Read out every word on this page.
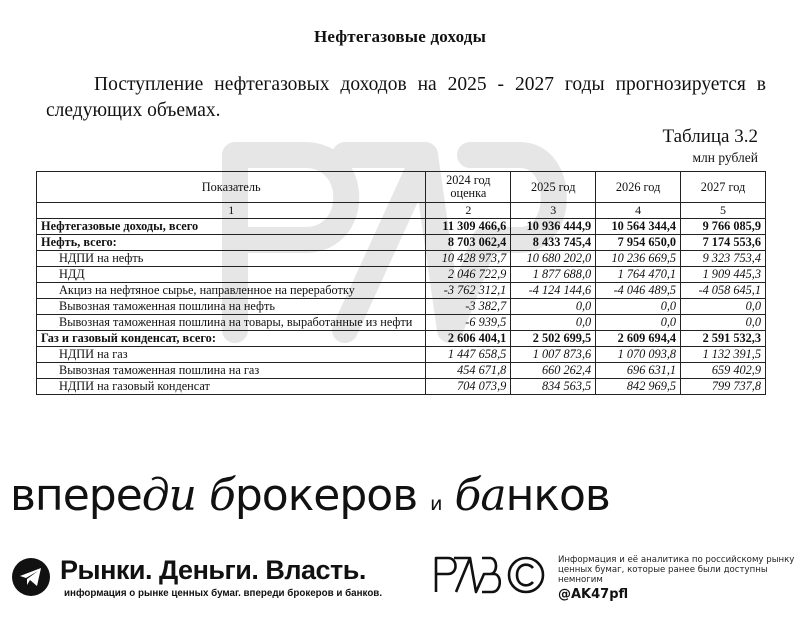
Нефтегазовые доходы
Поступление нефтегазовых доходов на 2025 - 2027 годы прогнозируется в следующих объемах.
Таблица 3.2
млн рублей
Показатель	2024 год оценка	2025 год	2026 год	2027 год
1	2	3	4	5
Нефтегазовые доходы, всего	11 309 466,6	10 936 444,9	10 564 344,4	9 766 085,9
Нефть, всего:	8 703 062,4	8 433 745,4	7 954 650,0	7 174 553,6
НДПИ на нефть	10 428 973,7	10 680 202,0	10 236 669,5	9 323 753,4
НДД	2 046 722,9	1 877 688,0	1 764 470,1	1 909 445,3
Акциз на нефтяное сырье, направленное на переработку	-3 762 312,1	-4 124 144,6	-4 046 489,5	-4 058 645,1
Вывозная таможенная пошлина на нефть	-3 382,7	0,0	0,0	0,0
Вывозная таможенная пошлина на товары, выработанные из нефти	-6 939,5	0,0	0,0	0,0
Газ и газовый конденсат, всего:	2 606 404,1	2 502 699,5	2 609 694,4	2 591 532,3
НДПИ на газ	1 447 658,5	1 007 873,6	1 070 093,8	1 132 391,5
Вывозная таможенная пошлина на газ	454 671,8	660 262,4	696 631,1	659 402,9
НДПИ на газовый конденсат	704 073,9	834 563,5	842 969,5	799 737,8
впереди брокеров и банков
Рынки. Деньги. Власть.
информация о рынке ценных бумаг. впереди брокеров и банков.
Информация и её аналитика по российскому рынку ценных бумаг, которые ранее были доступны немногим
@AK47pfl
